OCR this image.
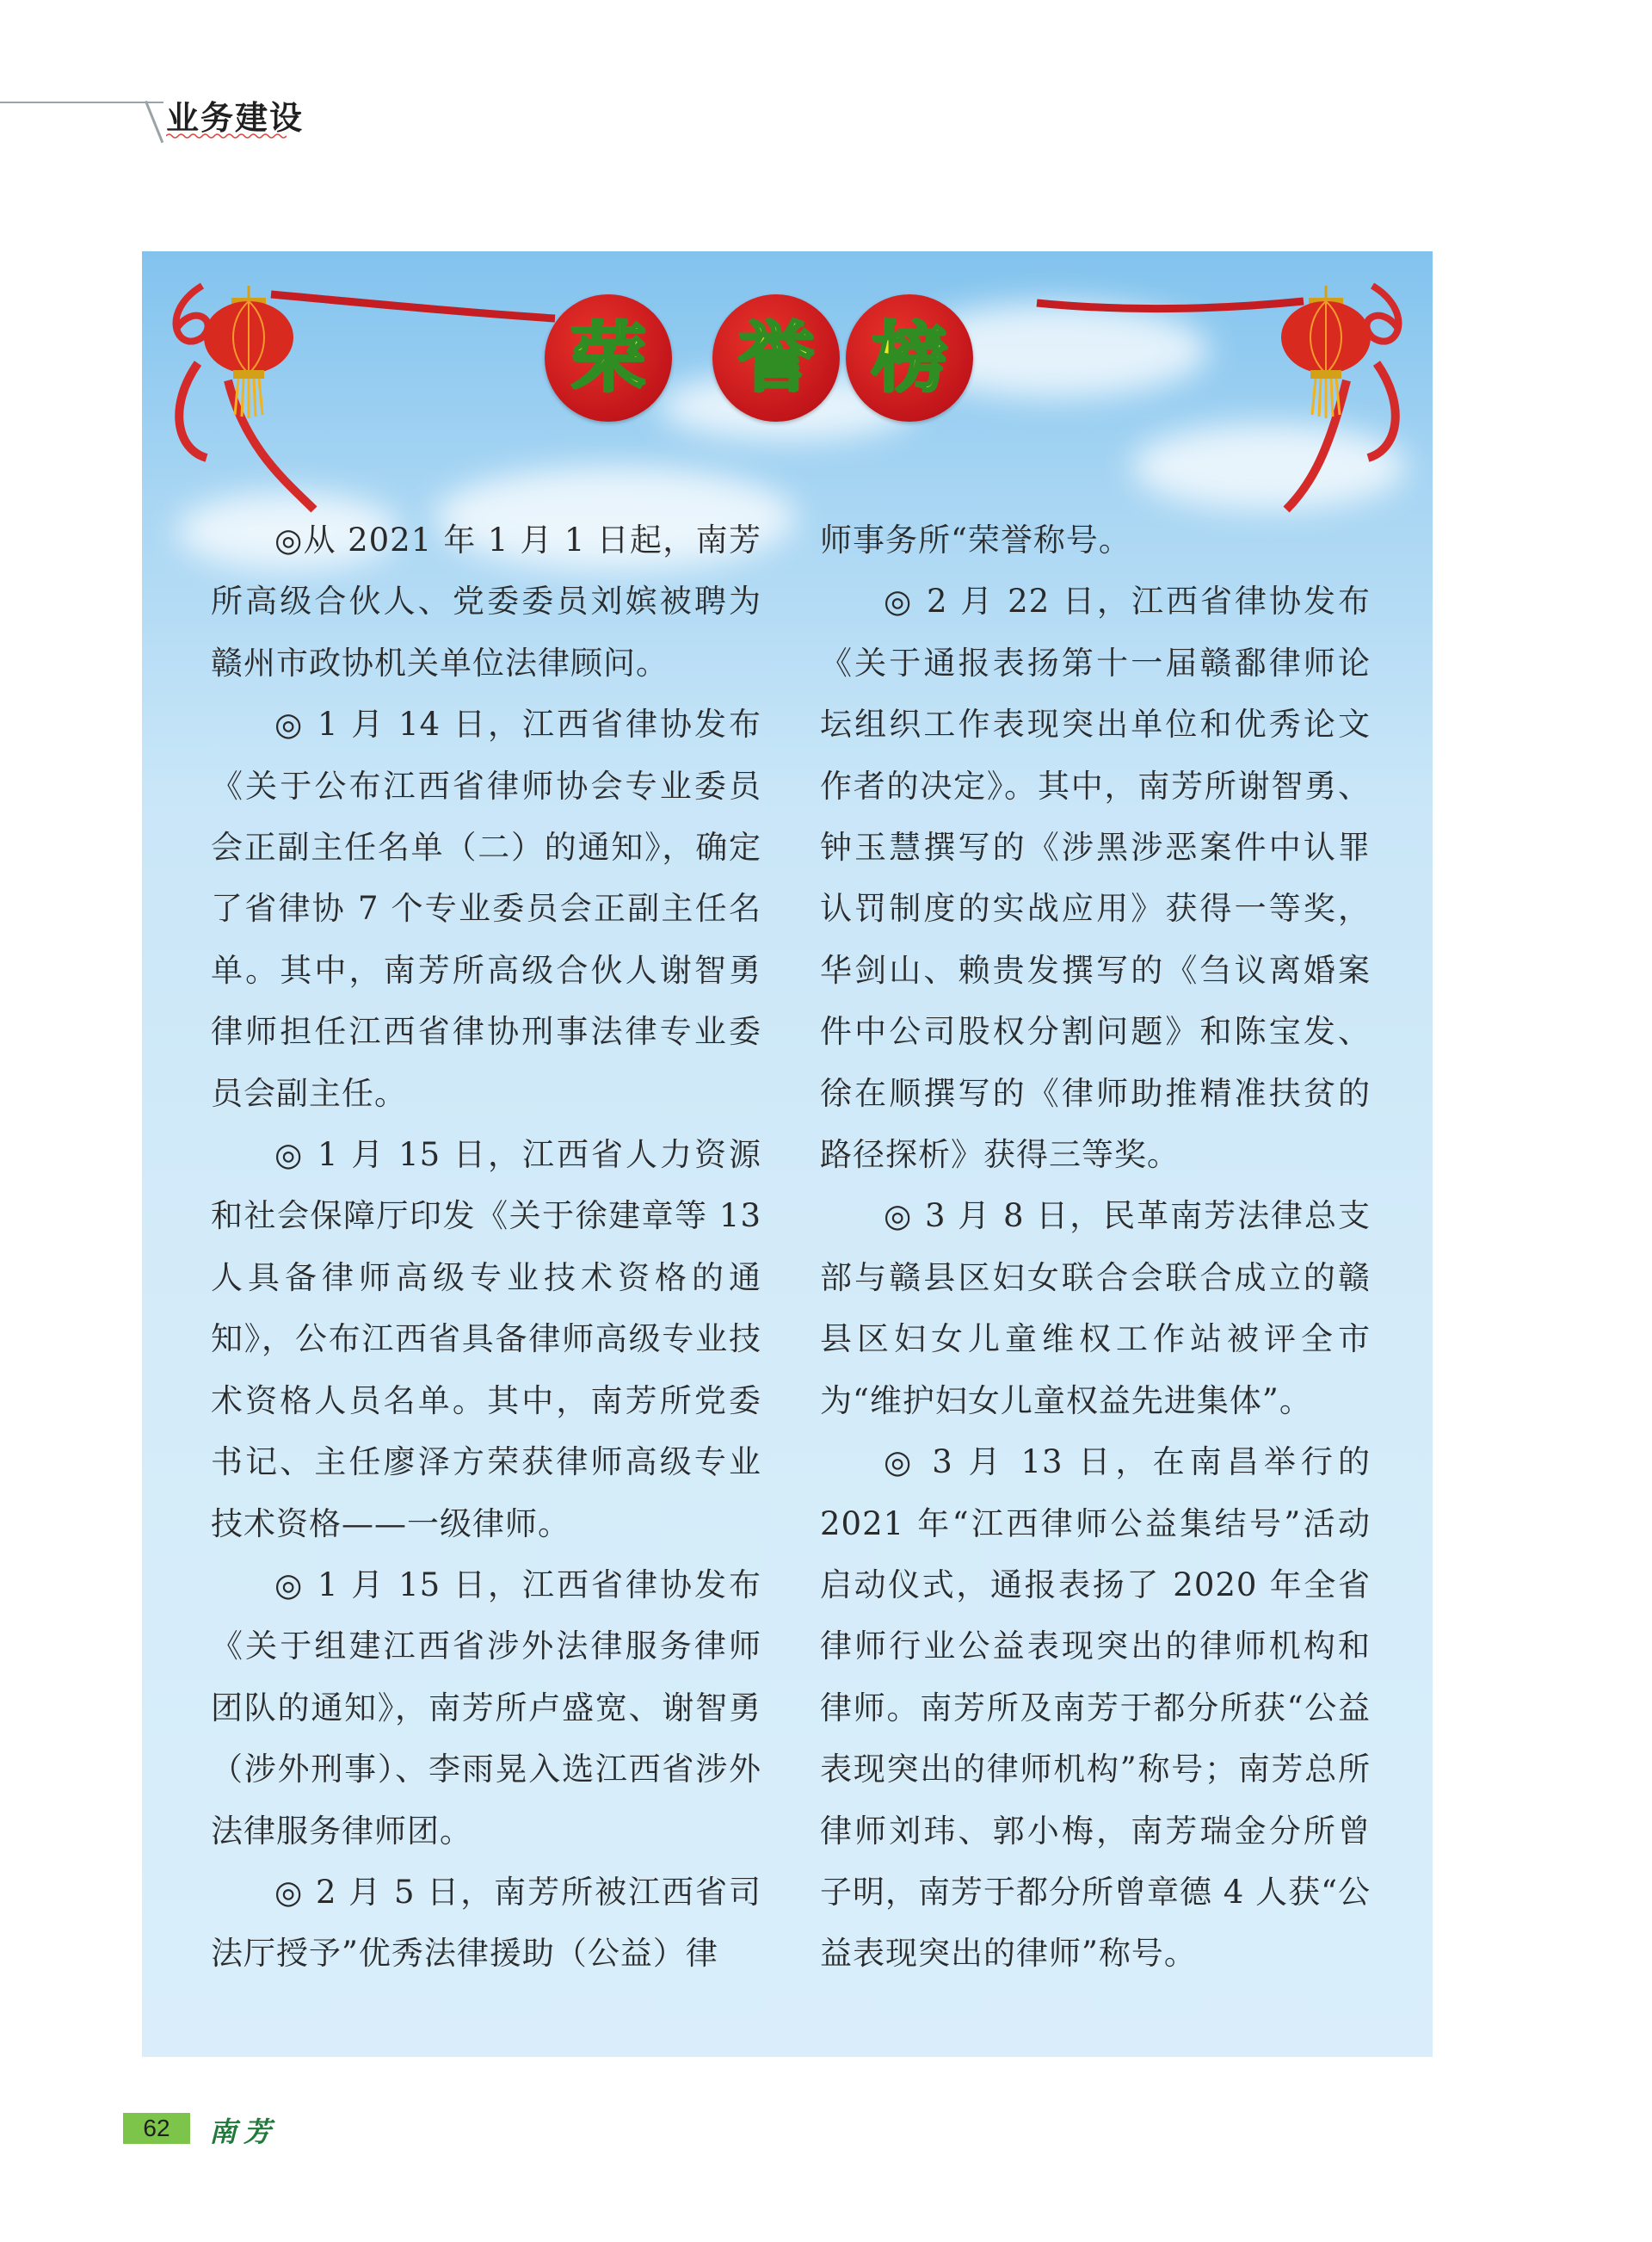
业务建设
荣 誉 榜

◎从 2021 年 1 月 1 日起，南芳所高级合伙人、党委委员刘嫔被聘为赣州市政协机关单位法律顾问。

◎ 1 月 14 日，江西省律协发布《关于公布江西省律师协会专业委员会正副主任名单（二）的通知》，确定了省律协 7 个专业委员会正副主任名单。其中，南芳所高级合伙人谢智勇律师担任江西省律协刑事法律专业委员会副主任。

◎ 1 月 15 日，江西省人力资源和社会保障厅印发《关于徐建章等 13 人具备律师高级专业技术资格的通知》，公布江西省具备律师高级专业技术资格人员名单。其中，南芳所党委书记、主任廖泽方荣获律师高级专业技术资格——一级律师。

◎ 1 月 15 日，江西省律协发布《关于组建江西省涉外法律服务律师团队的通知》，南芳所卢盛宽、谢智勇（涉外刑事）、李雨晃入选江西省涉外法律服务律师团。

◎ 2 月 5 日，南芳所被江西省司法厅授予”优秀法律援助（公益）律

师事务所“荣誉称号。

◎ 2 月 22 日，江西省律协发布《关于通报表扬第十一届赣鄱律师论坛组织工作表现突出单位和优秀论文作者的决定》。其中，南芳所谢智勇、钟玉慧撰写的《涉黑涉恶案件中认罪认罚制度的实战应用》获得一等奖，华剑山、赖贵发撰写的《刍议离婚案件中公司股权分割问题》和陈宝发、徐在顺撰写的《律师助推精准扶贫的路径探析》获得三等奖。

◎ 3 月 8 日，民革南芳法律总支部与赣县区妇女联合会联合成立的赣县区妇女儿童维权工作站被评全市为“维护妇女儿童权益先进集体”。

◎ 3 月 13 日，在南昌举行的 2021 年“江西律师公益集结号”活动启动仪式，通报表扬了 2020 年全省律师行业公益表现突出的律师机构和律师。南芳所及南芳于都分所获“公益表现突出的律师机构”称号；南芳总所律师刘玮、郭小梅，南芳瑞金分所曾子明，南芳于都分所曾章德 4 人获“公益表现突出的律师”称号。

62	南芳
